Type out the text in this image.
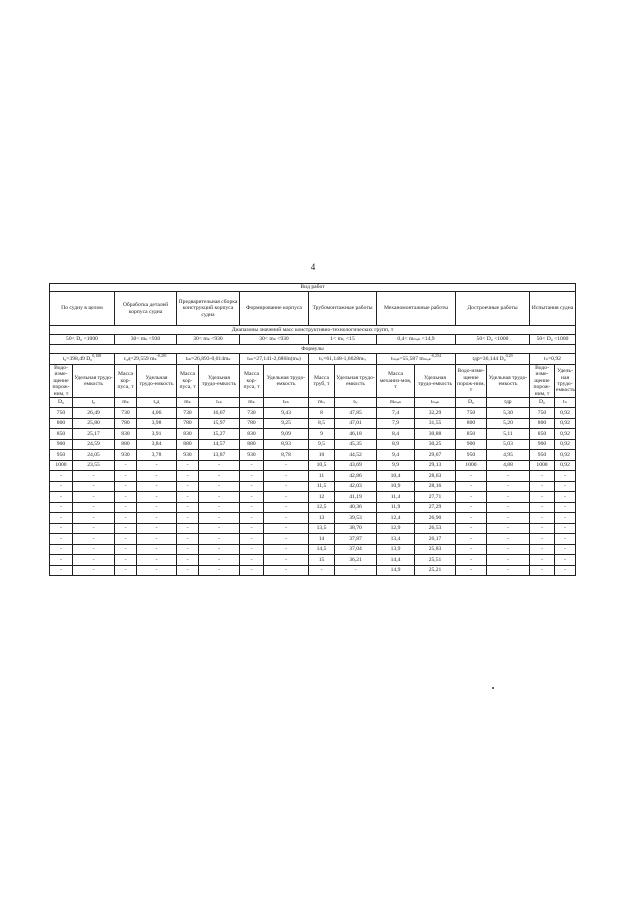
4
Вид работ															
По судну в целом		Обработка деталей корпуса судна		Предварительная сборка конструкций корпуса судна		Формирование корпуса		Трубомонтажные работы		Механомонтажные работы		Достроечные работы		Испытания судна	
Диапазоны значений масс конструктивно-технологических групп, т															
50< D₀ <1000		30< mₖ <930		30< mₖ <930		30< mₖ <930		1< mₜᵣ <15		0,4< mₘₑₖ <14,9		50< D₀ <1000		50< D₀ <1000	
Формулы															
t₀=398,49 D₀$^{0,108}$		tₒд=29,559 mₖ$^{-0,201}$		tₛₖ=26,893-0,014mₖ		tₖₕ=27,141-2,686ln(mₖ)		tₜᵣ=61,148-1,6628mₜᵣ		tₘₑₖ=55,587 mₘₑₖ$^{-0,254}$		tдр=36,144 D₀$^{0,29}$		tₙ=0,92	
Водо-изме-щение порож-ним, т	Удельная трудо-емкость	Масса кор-пуса, т	Удельная трудо-емкость	Масса кор-пуса, т	Удельная трудо-емкость	Масса кор-пуса, т	Удельная трудо-емкость	Масса труб, т	Удельная трудо-емкость	Масса механиз-мов, т	Удельная трудо-емкость	Водо-изме-щение порож-ним, т	Удельная трудо-емкость	Водо-изме-щение порож-ним, т	Удель-ная трудо-емкость
D₀	t₀	mₖ	tₒд	mₖ	tₛₖ	mₖ	tₖₕ	mₜᵣ	tₜᵣ	mₘₑₖ	tₘₑₖ	D₀	tдр	D₀	tₙ
750	26,49	730	4,06	730	16,67	730	9,43	8	47,85	7,4	32,29	750	5,30	750	0,92
800	25,80	780	3,98	780	15,97	780	9,25	8,5	47,01	7,9	31,55	800	5,20	800	0,92
850	25,17	830	3,91	830	15,27	830	9,09	9	46,18	8,4	30,88	850	5,11	850	0,92
900	24,59	880	3,84	880	14,57	880	8,93	9,5	45,35	8,9	30,25	900	5,03	900	0,92
950	24,05	930	3,78	930	13,87	930	8,78	10	44,52	9,4	29,67	950	4,95	950	0,92
1000	23,55	-	-	-	-	-	-	10,5	43,69	9,9	29,13	1000	4,88	1000	0,92
-	-	-	-	-	-	-	-	11	42,86	10,4	28,63	-	-	-	-
-	-	-	-	-	-	-	-	11,5	42,03	10,9	28,16	-	-	-	-
-	-	-	-	-	-	-	-	12	41,19	11,4	27,71	-	-	-	-
-	-	-	-	-	-	-	-	12,5	40,36	11,9	27,29	-	-	-	-
-	-	-	-	-	-	-	-	13	39,53	12,4	26,90	-	-	-	-
-	-	-	-	-	-	-	-	13,5	38,70	12,9	26,53	-	-	-	-
-	-	-	-	-	-	-	-	14	37,87	13,4	26,17	-	-	-	-
-	-	-	-	-	-	-	-	14,5	37,04	13,9	25,83	-	-	-	-
-	-	-	-	-	-	-	-	15	36,21	14,4	25,51	-	-	-	-
-	-	-	-	-	-	-	-	-	-	14,9	25,21	-	-	-	-
